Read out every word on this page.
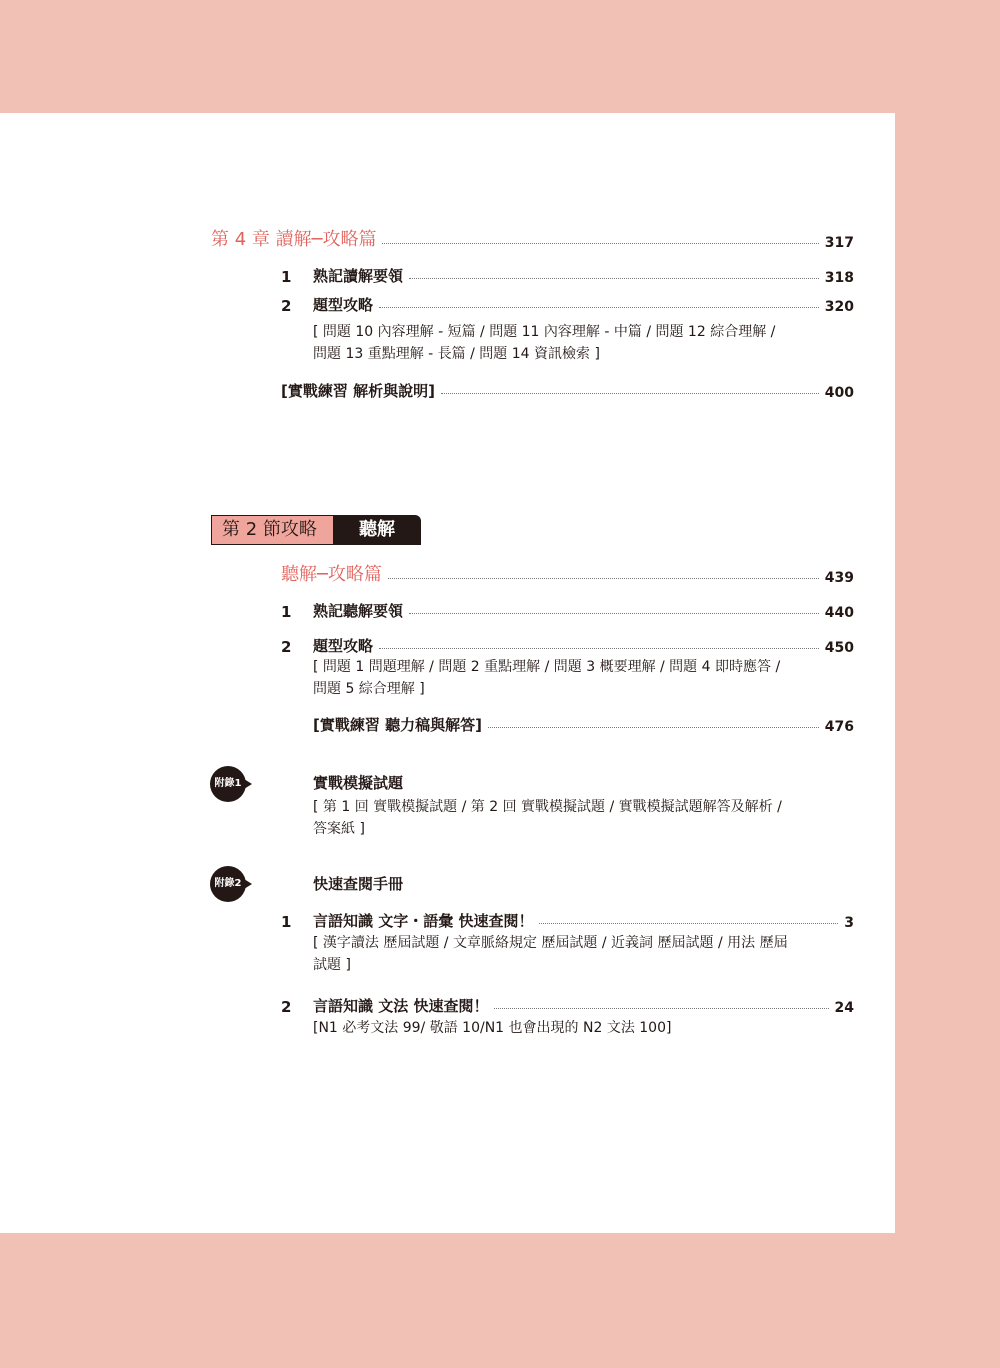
第 4 章 讀解─攻略篇	317
1	熟記讀解要領	318
2	題型攻略	320
[ 問題 10 內容理解 - 短篇 / 問題 11 內容理解 - 中篇 / 問題 12 綜合理解 /
問題 13 重點理解 - 長篇 / 問題 14 資訊檢索 ]
[實戰練習 解析與說明]	400
第 2 節攻略	聽解
聽解─攻略篇	439
1	熟記聽解要領	440
2	題型攻略	450
[ 問題 1 問題理解 / 問題 2 重點理解 / 問題 3 概要理解 / 問題 4 即時應答 /
問題 5 綜合理解 ]
[實戰練習 聽力稿與解答]	476
附錄1	實戰模擬試題
[ 第 1 回 實戰模擬試題 / 第 2 回 實戰模擬試題 / 實戰模擬試題解答及解析 /
答案紙 ]
附錄2	快速查閱手冊
1	言語知識 文字・語彙 快速查閱！	3
[ 漢字讀法 歷屆試題 / 文章脈絡規定 歷屆試題 / 近義詞 歷屆試題 / 用法 歷屆
試題 ]
2	言語知識 文法 快速查閱！	24
[N1 必考文法 99/ 敬語 10/N1 也會出現的 N2 文法 100]
